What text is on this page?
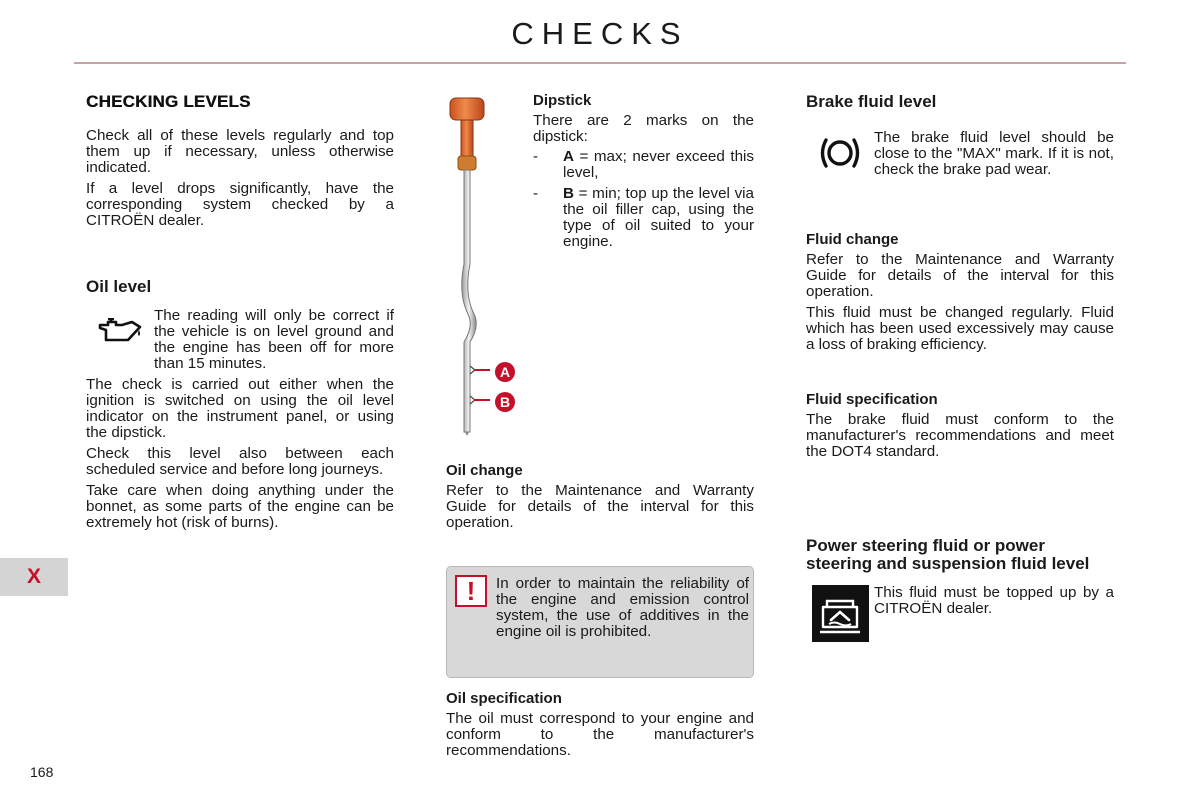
CHECKS
X
168
CHECKING LEVELS

Check all of these levels regularly and top them up if necessary, unless otherwise indicated.

If a level drops significantly, have the corresponding system checked by a CITROËN dealer.

Oil level

The reading will only be correct if the vehicle is on level ground and the engine has been off for more than 15 minutes.

The check is carried out either when the ignition is switched on using the oil level indicator on the instrument panel, or using the dipstick.

Check this level also between each scheduled service and before long journeys.

Take care when doing anything under the bonnet, as some parts of the engine can be extremely hot (risk of burns).

A
B
Dipstick

There are 2 marks on the dipstick:

-	A = max; never exceed this level,
-	B = min; top up the level via the oil filler cap, using the type of oil suited to your engine.
Oil change

Refer to the Maintenance and Warranty Guide for details of the interval for this operation.

!	In order to maintain the reliability of the engine and emission control system, the use of additives in the engine oil is prohibited.

Oil specification

The oil must correspond to your engine and conform to the manufacturer's recommendations.

Brake fluid level

The brake fluid level should be close to the "MAX" mark. If it is not, check the brake pad wear.

Fluid change

Refer to the Maintenance and Warranty Guide for details of the interval for this operation.

This fluid must be changed regularly. Fluid which has been used excessively may cause a loss of braking efficiency.

Fluid specification

The brake fluid must conform to the manufacturer's recommendations and meet the DOT4 standard.

Power steering fluid or power steering and suspension fluid level

This fluid must be topped up by a CITROËN dealer.
